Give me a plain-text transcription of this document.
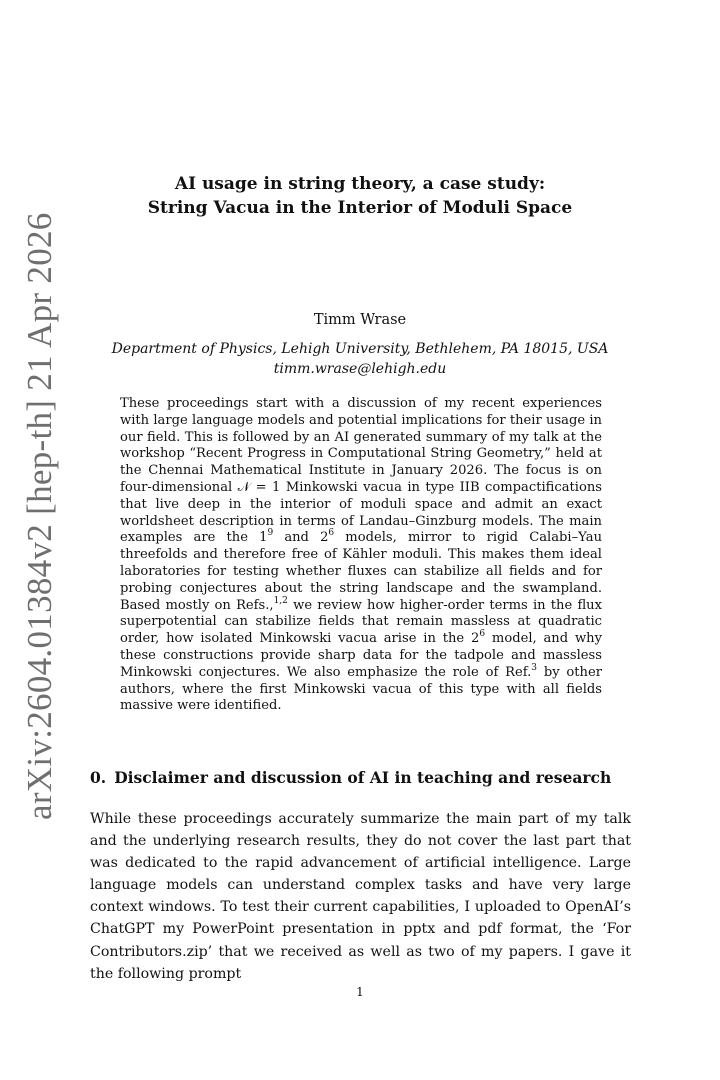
arXiv:2604.01384v2 [hep-th] 21 Apr 2026
AI usage in string theory, a case study:
String Vacua in the Interior of Moduli Space
Timm Wrase
Department of Physics, Lehigh University, Bethlehem, PA 18015, USA
timm.wrase@lehigh.edu

These proceedings start with a discussion of my recent experiences with large language models and potential implications for their usage in our field. This is followed by an AI generated summary of my talk at the workshop “Recent Progress in Computational String Geometry,” held at the Chennai Mathematical Institute in January 2026. The focus is on four-dimensional 𝒩 = 1 Minkowski vacua in type IIB compactifications that live deep in the interior of moduli space and admit an exact worldsheet description in terms of Landau–Ginzburg models. The main examples are the $1^9$ and $2^6$ models, mirror to rigid Calabi–Yau threefolds and therefore free of Kähler moduli. This makes them ideal laboratories for testing whether fluxes can stabilize all fields and for probing conjectures about the string landscape and the swampland. Based mostly on Refs.,$^{1,2}$ we review how higher-order terms in the flux superpotential can stabilize fields that remain massless at quadratic order, how isolated Minkowski vacua arise in the $2^6$ model, and why these constructions provide sharp data for the tadpole and massless Minkowski conjectures. We also emphasize the role of Ref.$^3$ by other authors, where the first Minkowski vacua of this type with all fields massive were identified.

0. Disclaimer and discussion of AI in teaching and research

While these proceedings accurately summarize the main part of my talk and the underlying research results, they do not cover the last part that was dedicated to the rapid advancement of artificial intelligence. Large language models can understand complex tasks and have very large context windows. To test their current capabilities, I uploaded to OpenAI’s ChatGPT my PowerPoint presentation in pptx and pdf format, the ‘For Contributors.zip’ that we received as well as two of my papers. I gave it the following prompt

1
